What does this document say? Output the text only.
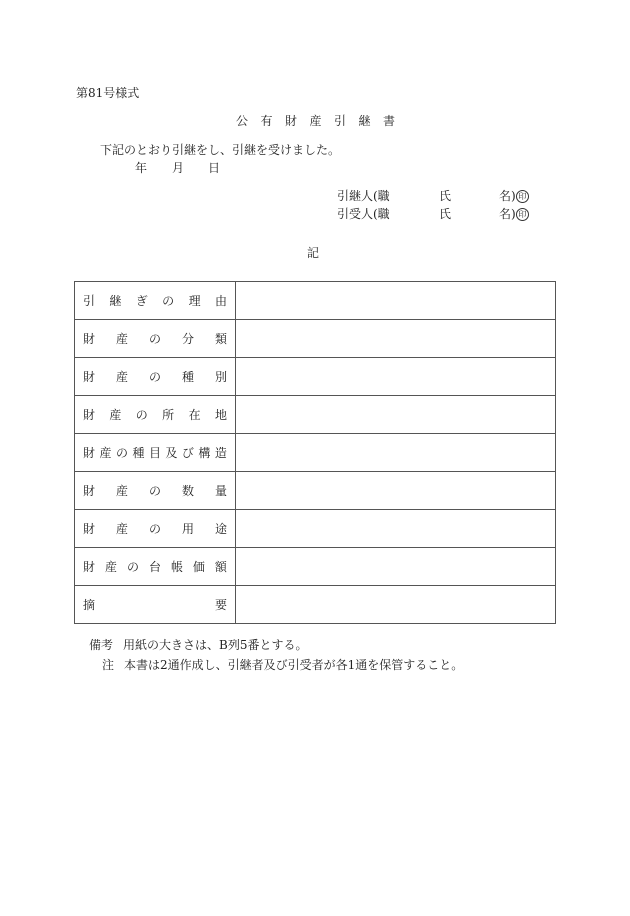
第81号様式
公 有 財 産 引 継 書
下記のとおり引継をし、引継を受けました。
年 月 日
引継人(職	氏	名) 印
引受人(職	氏	名) 印
記
引 継 ぎ の 理 由

財 産 の 分 類	

財 産 の 種 別	

財 産 の 所 在 地

財 産 の 種 目 及 び 構 造

財 産 の 数 量	

財 産 の 用 途	

財 産 の 台 帳 価 額

摘 要	

備考 用紙の大きさは、B列5番とする。
注 本書は2通作成し、引継者及び引受者が各1通を保管すること。
